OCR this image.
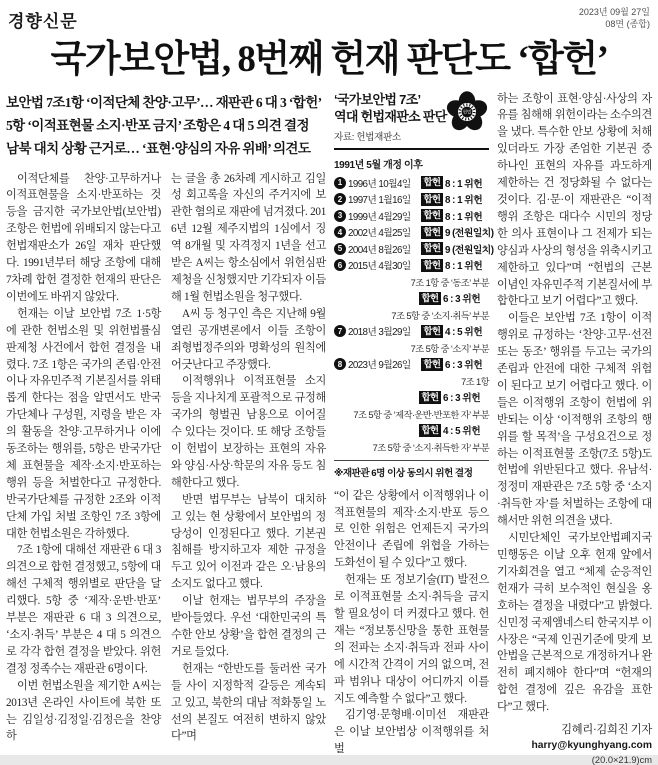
경향신문	2023년 09월 27일
08면 (종합)
국가보안법, 8번째 헌재 판단도 ‘합헌’
보안법 7조1항 ‘이적단체 찬양·고무’… 재판관 6 대 3 ‘합헌’
5항 ‘이적표현물 소지·반포 금지’ 조항은 4 대 5 의견 결정
남북 대치 상황 근거로… ‘표현·양심의 자유 위배’ 의견도

이적단체를 찬양·고무하거나 이적표현물을 소지·반포하는 것 등을 금지한 국가보안법(보안법) 조항은 헌법에 위배되지 않는다고 헌법재판소가 26일 재차 판단했다. 1991년부터 해당 조항에 대해 7차례 합헌 결정한 헌재의 판단은 이번에도 바뀌지 않았다.

헌재는 이날 보안법 7조 1·5항에 관한 헌법소원 및 위헌법률심판제청 사건에서 합헌 결정을 내렸다. 7조 1항은 국가의 존립·안전이나 자유민주적 기본질서를 위태롭게 한다는 점을 알면서도 반국가단체나 구성원, 지령을 받은 자의 활동을 찬양·고무하거나 이에 동조하는 행위를, 5항은 반국가단체 표현물을 제작·소지·반포하는 행위 등을 처벌한다고 규정한다. 반국가단체를 규정한 2조와 이적단체 가입 처벌 조항인 7조 3항에 대한 헌법소원은 각하했다.

7조 1항에 대해선 재판관 6 대 3 의견으로 합헌 결정했고, 5항에 대해선 구체적 행위별로 판단을 달리했다. 5항 중 ‘제작·운반·반포’ 부분은 재판관 6 대 3 의견으로, ‘소지·취득’ 부분은 4 대 5 의견으로 각각 합헌 결정을 받았다. 위헌 결정 정족수는 재판관 6명이다.

이번 헌법소원을 제기한 A씨는 2013년 온라인 사이트에 북한 또는 김일성·김정일·김정은을 찬양하

는 글을 총 26차례 게시하고 김일성 회고록을 자신의 주거지에 보관한 혐의로 재판에 넘겨졌다. 2016년 12월 제주지법의 1심에서 징역 8개월 및 자격정지 1년을 선고받은 A씨는 항소심에서 위헌심판제청을 신청했지만 기각되자 이듬해 1월 헌법소원을 청구했다.

A씨 등 청구인 측은 지난해 9월 열린 공개변론에서 이들 조항이 죄형법정주의와 명확성의 원칙에 어긋난다고 주장했다.

이적행위나 이적표현물 소지 등을 지나치게 포괄적으로 규정해 국가의 형벌권 남용으로 이어질 수 있다는 것이다. 또 해당 조항들이 헌법이 보장하는 표현의 자유와 양심·사상·학문의 자유 등도 침해한다고 했다.

반면 법무부는 남북이 대치하고 있는 현 상황에서 보안법의 정당성이 인정된다고 했다. 기본권 침해를 방지하고자 제한 규정을 두고 있어 이전과 같은 오·남용의 소지도 없다고 했다.

이날 헌재는 법무부의 주장을 받아들였다. 우선 ‘대한민국의 특수한 안보 상황’을 합헌 결정의 근거로 들었다.

헌재는 “한반도를 둘러싼 국가들 사이 지정학적 갈등은 계속되고 있고, 북한의 대남 적화통일 노선의 본질도 여전히 변하지 않았다”며

‘국가보안법 7조’
역대 헌법재판소 판단
자료: 헌법재판소
헌법
1991년 5월 개정 이후
1 1996년 10월4일	합헌 8 : 1 위헌
2 1997년 1월16일	합헌 8 : 1 위헌
3 1999년 4월29일	합헌 8 : 1 위헌
4 2002년 4월25일	합헌 9 (전원일치)
5 2004년 8월26일	합헌 9 (전원일치)
6 2015년 4월30일	합헌 8 : 1 위헌
7조 1항 중 ‘동조’ 부분
합헌 6 : 3 위헌
7조 5항 중 ‘소지·취득’ 부분
7 2018년 3월29일	합헌 4 : 5 위헌
7조 5항 중 ‘소지’ 부분
8 2023년 9월26일	합헌 6 : 3 위헌
7조 1항
합헌 6 : 3 위헌
7조 5항 중 ‘제작·운반·반포한 자’ 부분
합헌 4 : 5 위헌
7조 5항 중 ‘소지·취득한 자’ 부분
※재판관 6명 이상 동의시 위헌 결정

“이 같은 상황에서 이적행위나 이적표현물의 제작·소지·반포 등으로 인한 위험은 언제든지 국가의 안전이나 존립에 위협을 가하는 도화선이 될 수 있다”고 했다.

헌재는 또 정보기술(IT) 발전으로 이적표현물 소지·취득을 금지할 필요성이 더 커졌다고 했다. 헌재는 “정보통신망을 통한 표현물의 전파는 소지·취득과 전파 사이에 시간적 간격이 거의 없으며, 전파 범위나 대상이 어디까지 이를지도 예측할 수 없다”고 했다.

김기영·문형배·이미선 재판관은 이날 보안법상 이적행위를 처벌

하는 조항이 표현·양심·사상의 자유를 침해해 위헌이라는 소수의견을 냈다. 특수한 안보 상황에 처해 있더라도 가장 존엄한 기본권 중 하나인 표현의 자유를 과도하게 제한하는 건 정당화될 수 없다는 것이다. 김·문·이 재판관은 “이적행위 조항은 대다수 시민의 정당한 의사 표현이나 그 전제가 되는 양심과 사상의 형성을 위축시키고 제한하고 있다”며 “헌법의 근본 이념인 자유민주적 기본질서에 부합한다고 보기 어렵다”고 했다.

이들은 보안법 7조 1항이 이적행위로 규정하는 ‘찬양·고무·선전 또는 동조’ 행위를 두고는 국가의 존립과 안전에 대한 구체적 위험이 된다고 보기 어렵다고 했다. 이들은 이적행위 조항이 헌법에 위반되는 이상 ‘이적행위 조항의 행위를 할 목적’을 구성요건으로 정하는 이적표현물 조항(7조 5항)도 헌법에 위반된다고 했다. 유남석·정정미 재판관은 7조 5항 중 ‘소지·취득한 자’를 처벌하는 조항에 대해서만 위헌 의견을 냈다.

시민단체인 국가보안법폐지국민행동은 이날 오후 헌재 앞에서 기자회견을 열고 “체제 순응적인 헌재가 극히 보수적인 현실을 옹호하는 결정을 내렸다”고 밝혔다. 신민정 국제앰네스티 한국지부 이사장은 “국제 인권기준에 맞게 보안법을 근본적으로 개정하거나 완전히 폐지해야 한다”며 “헌재의 합헌 결정에 깊은 유감을 표한다”고 했다.

김혜리·김희진 기자
harry@kyunghyang.com
(20.0×21.9)cm
